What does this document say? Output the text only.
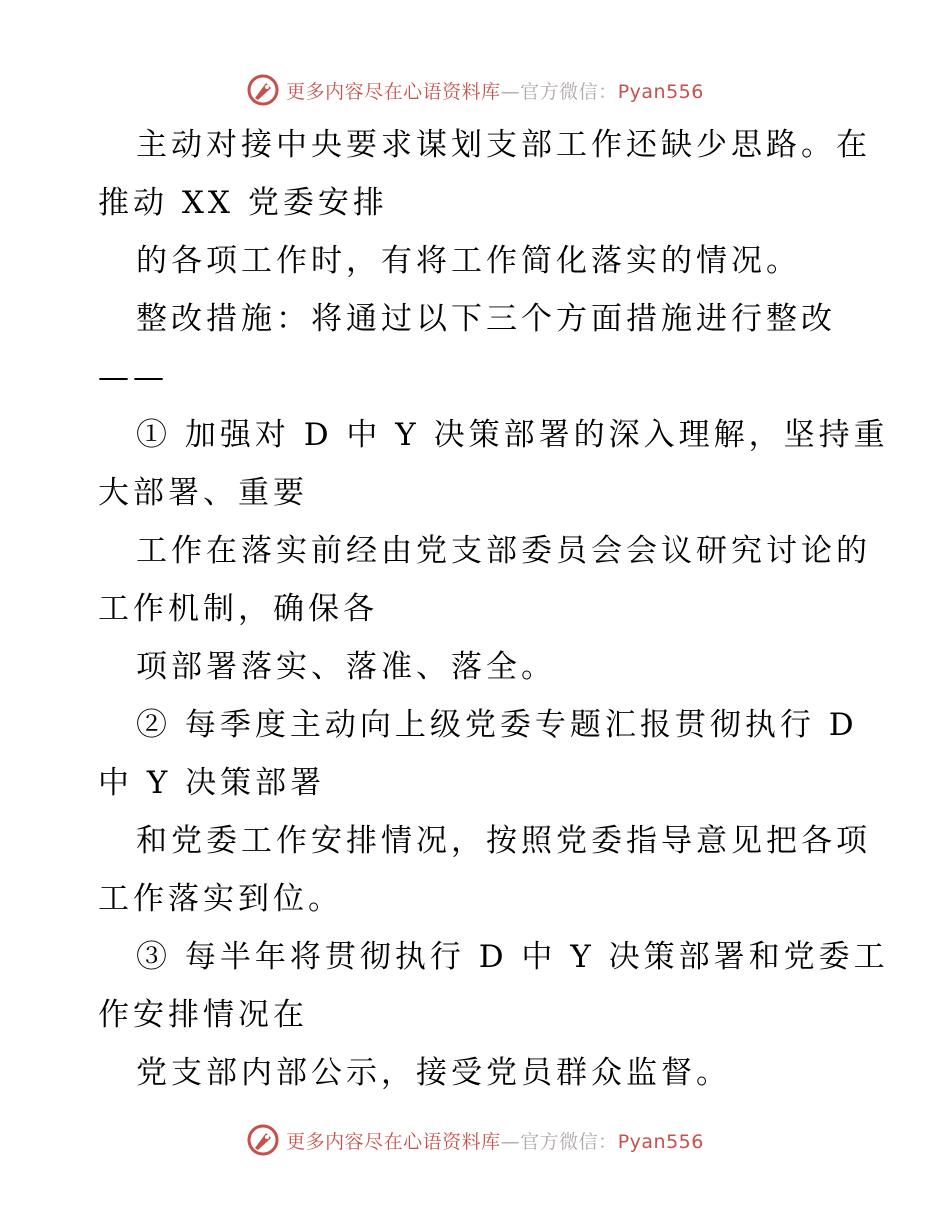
更多内容尽在心语资料库—官方微信：Pyan556
主动对接中央要求谋划支部工作还缺少思路。在
推动 XX 党委安排
的各项工作时，有将工作简化落实的情况。
整改措施：将通过以下三个方面措施进行整改
——
① 加强对 D 中 Y 决策部署的深入理解，坚持重
大部署、重要
工作在落实前经由党支部委员会会议研究讨论的
工作机制，确保各
项部署落实、落准、落全。
② 每季度主动向上级党委专题汇报贯彻执行 D
中 Y 决策部署
和党委工作安排情况，按照党委指导意见把各项
工作落实到位。
③ 每半年将贯彻执行 D 中 Y 决策部署和党委工
作安排情况在
党支部内部公示，接受党员群众监督。
更多内容尽在心语资料库—官方微信：Pyan556
